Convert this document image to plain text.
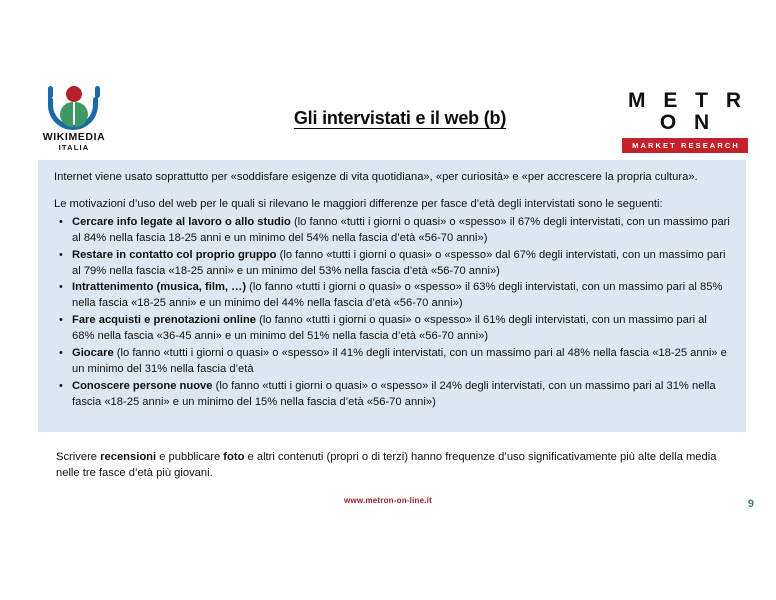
WIKIMEDIA
ITALIA
Gli intervistati e il web (b)
M E T R O N
MARKET RESEARCH
Internet viene usato soprattutto per «soddisfare esigenze di vita quotidiana», «per curiosità» e «per accrescere la propria cultura».
Le motivazioni d’uso del web per le quali si rilevano le maggiori differenze per fasce d’età degli intervistati sono le seguenti:
• Cercare info legate al lavoro o allo studio (lo fanno «tutti i giorni o quasi» o «spesso» il 67% degli intervistati, con un massimo pari al 84% nella fascia 18-25 anni e un minimo del 54% nella fascia d’età «56-70 anni»)
• Restare in contatto col proprio gruppo (lo fanno «tutti i giorni o quasi» o «spesso» dal 67% degli intervistati, con un massimo pari al 79% nella fascia «18-25 anni» e un minimo del 53% nella fascia d’età «56-70 anni»)
• Intrattenimento (musica, film, …) (lo fanno «tutti i giorni o quasi» o «spesso» il 63% degli intervistati, con un massimo pari al 85% nella fascia «18-25 anni» e un minimo del 44% nella fascia d’età «56-70 anni»)
• Fare acquisti e prenotazioni online (lo fanno «tutti i giorni o quasi» o «spesso» il 61% degli intervistati, con un massimo pari al 68% nella fascia «36-45 anni» e un minimo del 51% nella fascia d’età «56-70 anni»)
• Giocare (lo fanno «tutti i giorni o quasi» o «spesso» il 41% degli intervistati, con un massimo pari al 48% nella fascia «18-25 anni» e un minimo del 31% nella fascia d’età
• Conoscere persone nuove (lo fanno «tutti i giorni o quasi» o «spesso» il 24% degli intervistati, con un massimo pari al 31% nella fascia «18-25 anni» e un minimo del 15% nella fascia d’età «56-70 anni»)
Scrivere recensioni e pubblicare foto e altri contenuti (propri o di terzi) hanno frequenze d’uso significativamente più alte della media nelle tre fasce d’età più giovani.
www.metron-on-line.it	9
